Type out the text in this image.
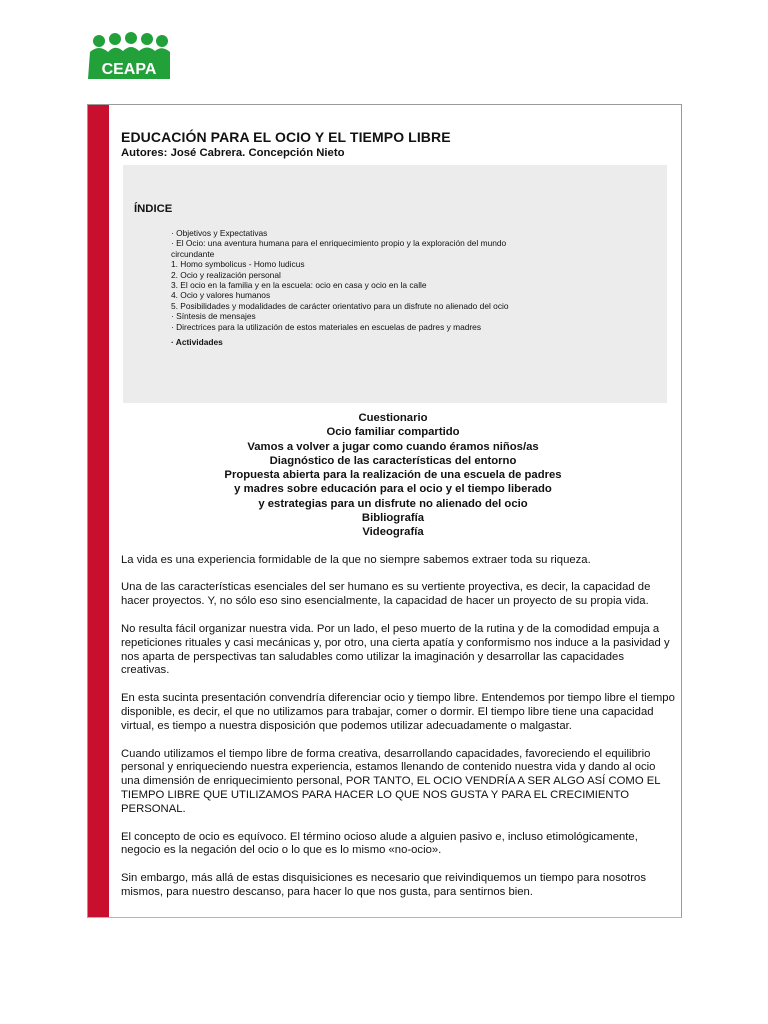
CEAPA
EDUCACIÓN PARA EL OCIO Y EL TIEMPO LIBRE
Autores: José Cabrera. Concepción Nieto
ÍNDICE
· Objetivos y Expectativas
· El Ocio: una aventura humana para el enriquecimiento propio y la exploración del mundo circundante
1. Homo symbolicus - Homo ludicus
2. Ocio y realización personal
3. El ocio en la familia y en la escuela: ocio en casa y ocio en la calle
4. Ocio y valores humanos
5. Posibilidades y modalidades de carácter orientativo para un disfrute no alienado del ocio
· Síntesis de mensajes
· Directrices para la utilización de estos materiales en escuelas de padres y madres
· Actividades
Cuestionario
Ocio familiar compartido
Vamos a volver a jugar como cuando éramos niños/as
Diagnóstico de las características del entorno
Propuesta abierta para la realización de una escuela de padres
y madres sobre educación para el ocio y el tiempo liberado
y estrategias para un disfrute no alienado del ocio
Bibliografía
Videografía

La vida es una experiencia formidable de la que no siempre sabemos extraer toda su riqueza.

Una de las características esenciales del ser humano es su vertiente proyectiva, es decir, la capacidad de hacer proyectos. Y, no sólo eso sino esencialmente, la capacidad de hacer un proyecto de su propia vida.

No resulta fácil organizar nuestra vida. Por un lado, el peso muerto de la rutina y de la comodidad empuja a repeticiones rituales y casi mecánicas y, por otro, una cierta apatía y conformismo nos induce a la pasividad y nos aparta de perspectivas tan saludables como utilizar la imaginación y desarrollar las capacidades creativas.

En esta sucinta presentación convendría diferenciar ocio y tiempo libre. Entendemos por tiempo libre el tiempo disponible, es decir, el que no utilizamos para trabajar, comer o dormir. El tiempo libre tiene una capacidad virtual, es tiempo a nuestra disposición que podemos utilizar adecuadamente o malgastar.

Cuando utilizamos el tiempo libre de forma creativa, desarrollando capacidades, favoreciendo el equilibrio personal y enriqueciendo nuestra experiencia, estamos llenando de contenido nuestra vida y dando al ocio una dimensión de enriquecimiento personal, POR TANTO, EL OCIO VENDRÍA A SER ALGO ASÍ COMO EL TIEMPO LIBRE QUE UTILIZAMOS PARA HACER LO QUE NOS GUSTA Y PARA EL CRECIMIENTO PERSONAL.

El concepto de ocio es equívoco. El término ocioso alude a alguien pasivo e, incluso etimológicamente, negocio es la negación del ocio o lo que es lo mismo «no-ocio».

Sin embargo, más allá de estas disquisiciones es necesario que reivindiquemos un tiempo para nosotros mismos, para nuestro descanso, para hacer lo que nos gusta, para sentirnos bien.
